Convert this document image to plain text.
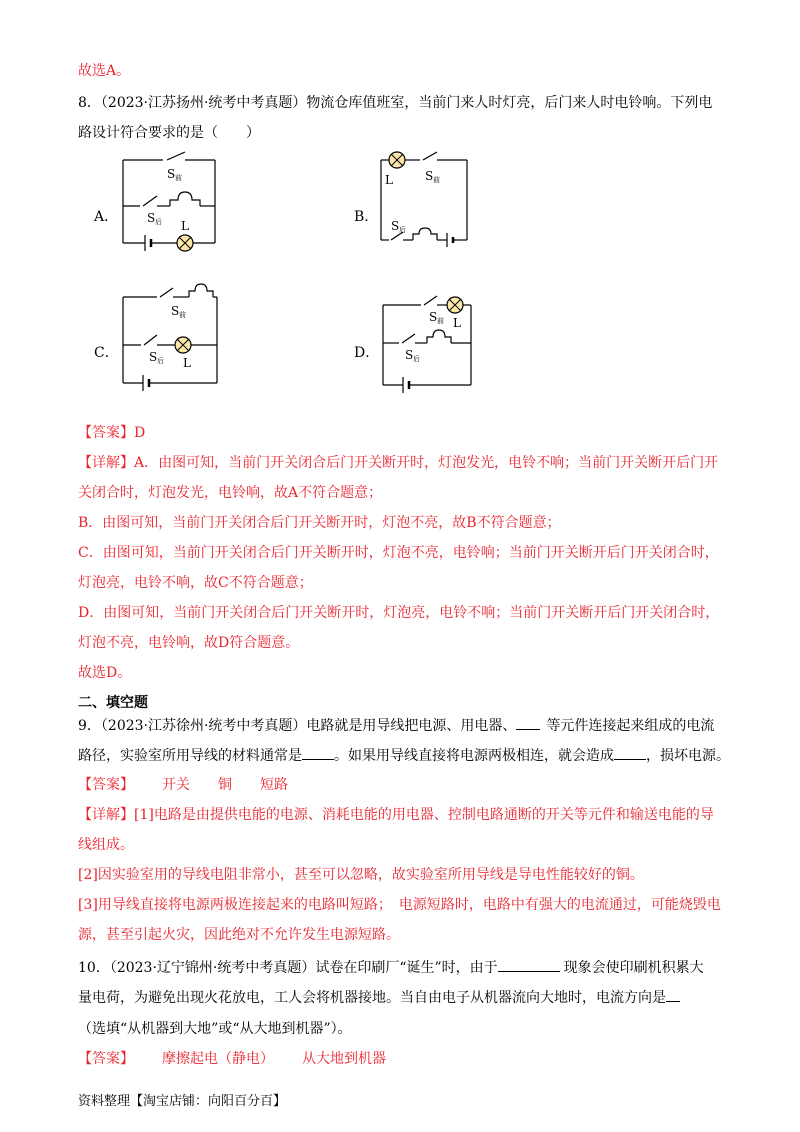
故选A。
8．（2023·江苏扬州·统考中考真题）物流仓库值班室，当前门来人时灯亮，后门来人时电铃响。下列电
路设计符合要求的是（　　）
A．
S 前
S 后 L
B．
L	S 前
S 后
C．
S 前
S 后 L
D．
S 前 L
S 后
【答案】D
【详解】A．由图可知，当前门开关闭合后门开关断开时，灯泡发光，电铃不响；当前门开关断开后门开
关闭合时，灯泡发光，电铃响，故A不符合题意；
B．由图可知，当前门开关闭合后门开关断开时，灯泡不亮，故B不符合题意；
C．由图可知，当前门开关闭合后门开关断开时，灯泡不亮，电铃响；当前门开关断开后门开关闭合时，
灯泡亮，电铃不响，故C不符合题意；
D．由图可知，当前门开关闭合后门开关断开时，灯泡亮，电铃不响；当前门开关断开后门开关闭合时，
灯泡不亮，电铃响，故D符合题意。
故选D。
二、填空题
9．（2023·江苏徐州·统考中考真题）电路就是用导线把电源、用电器、 等元件连接起来组成的电流
路径，实验室所用导线的材料通常是 。如果用导线直接将电源两极相连，就会造成 ，损坏电源。
【答案】 开关 铜 短路
【详解】[1]电路是由提供电能的电源、消耗电能的用电器、控制电路通断的开关等元件和输送电能的导
线组成。
[2]因实验室用的导线电阻非常小，甚至可以忽略，故实验室所用导线是导电性能较好的铜。
[3]用导线直接将电源两极连接起来的电路叫短路；　电源短路时，电路中有强大的电流通过，可能烧毁电
源，甚至引起火灾，因此绝对不允许发生电源短路。
10．（2023·辽宁锦州·统考中考真题）试卷在印刷厂“诞生”时，由于	现象会使印刷机积累大
量电荷，为避免出现火花放电，工人会将机器接地。当自由电子从机器流向大地时，电流方向是
（选填“从机器到大地”或“从大地到机器”）。
【答案】 摩擦起电（静电） 从大地到机器
资料整理【淘宝店铺：向阳百分百】
